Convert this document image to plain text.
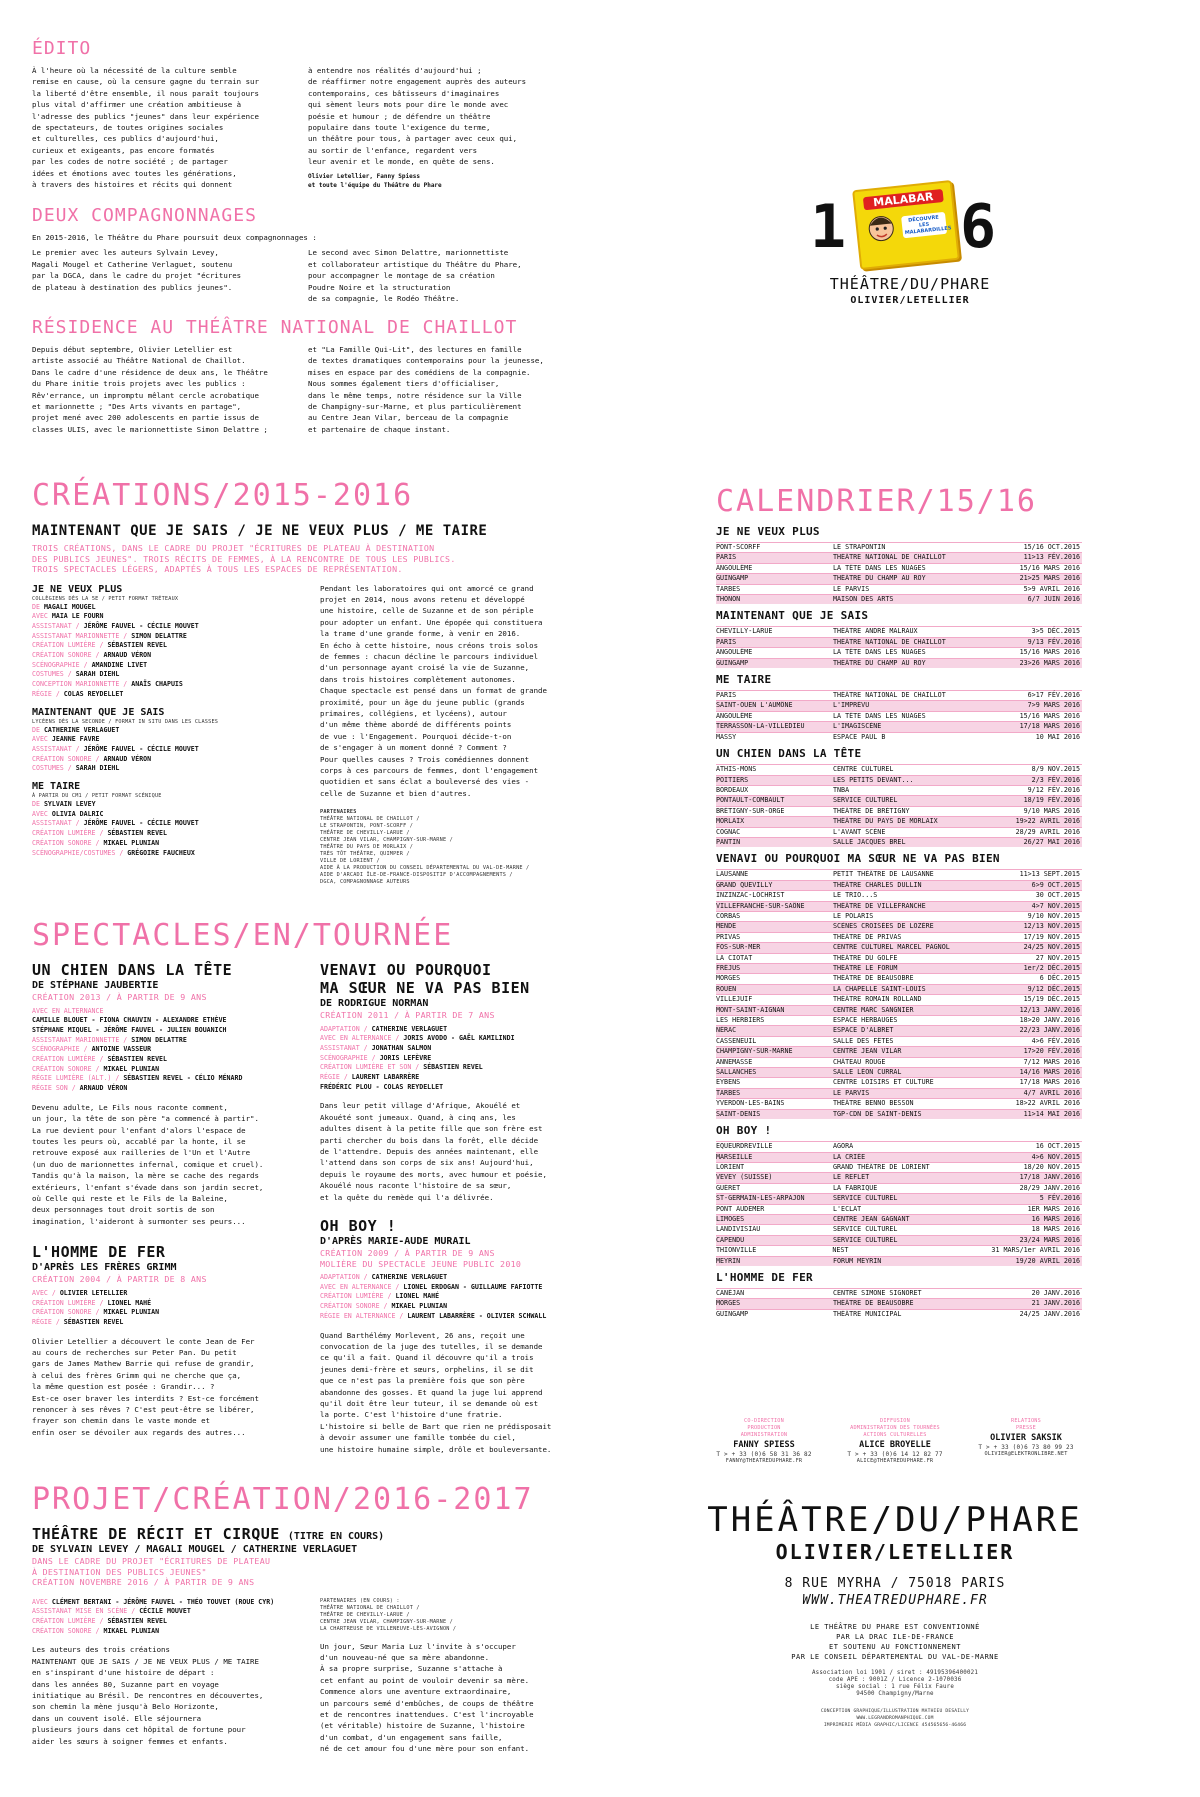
ÉDITO

À l'heure où la nécessité de la culture semble
remise en cause, où la censure gagne du terrain sur
la liberté d'être ensemble, il nous paraît toujours
plus vital d'affirmer une création ambitieuse à
l'adresse des publics "jeunes" dans leur expérience
de spectateurs, de toutes origines sociales
et culturelles, ces publics d'aujourd'hui,
curieux et exigeants, pas encore formatés
par les codes de notre société ; de partager
idées et émotions avec toutes les générations,
à travers des histoires et récits qui donnent

à entendre nos réalités d'aujourd'hui ;
de réaffirmer notre engagement auprès des auteurs
contemporains, ces bâtisseurs d'imaginaires
qui sèment leurs mots pour dire le monde avec
poésie et humour ; de défendre un théâtre
populaire dans toute l'exigence du terme,
un théâtre pour tous, à partager avec ceux qui,
au sortir de l'enfance, regardent vers
leur avenir et le monde, en quête de sens.

Olivier Letellier, Fanny Spiess
et toute l'équipe du Théâtre du Phare

DEUX COMPAGNONNAGES

En 2015-2016, le Théâtre du Phare poursuit deux compagnonnages :

Le premier avec les auteurs Sylvain Levey,
Magali Mougel et Catherine Verlaguet, soutenu
par la DGCA, dans le cadre du projet "écritures
de plateau à destination des publics jeunes".

Le second avec Simon Delattre, marionnettiste
et collaborateur artistique du Théâtre du Phare,
pour accompagner le montage de sa création
Poudre Noire et la structuration
de sa compagnie, le Rodéo Théâtre.

RÉSIDENCE AU THÉÂTRE NATIONAL DE CHAILLOT

Depuis début septembre, Olivier Letellier est
artiste associé au Théâtre National de Chaillot.
Dans le cadre d'une résidence de deux ans, le Théâtre
du Phare initie trois projets avec les publics :
Rêv'errance, un impromptu mêlant cercle acrobatique
et marionnette ; "Des Arts vivants en partage",
projet mené avec 200 adolescents en partie issus de
classes ULIS, avec le marionnettiste Simon Delattre ;

et "La Famille Qui-Lit", des lectures en famille
de textes dramatiques contemporains pour la jeunesse,
mises en espace par des comédiens de la compagnie.
Nous sommes également tiers d'officialiser,
dans le même temps, notre résidence sur la Ville
de Champigny-sur-Marne, et plus particulièrement
au Centre Jean Vilar, berceau de la compagnie
et partenaire de chaque instant.

1	MALABAR
DÉCOUVRE LES MALABARDILLES 6
THÉÂTRE/DU/PHARE
OLIVIER/LETELLIER
CRÉATIONS/2015-2016
MAINTENANT QUE JE SAIS / JE NE VEUX PLUS / ME TAIRE

TROIS CRÉATIONS, DANS LE CADRE DU PROJET "ÉCRITURES DE PLATEAU À DESTINATION
DES PUBLICS JEUNES". TROIS RÉCITS DE FEMMES, À LA RENCONTRE DE TOUS LES PUBLICS.
TROIS SPECTACLES LÉGERS, ADAPTÉS À TOUS LES ESPACES DE REPRÉSENTATION.

JE NE VEUX PLUS

COLLÈGIENS DÈS LA 5E / PETIT FORMAT TRÉTEAUX

DE MAGALI MOUGEL

AVEC MAIA LE FOURN

ASSISTANAT / JÉRÔME FAUVEL - CÉCILE MOUVET

ASSISTANAT MARIONNETTE / SIMON DELATTRE

CRÉATION LUMIÈRE / SÉBASTIEN REVEL

CRÉATION SONORE / ARNAUD VÉRON

SCÉNOGRAPHIE / AMANDINE LIVET

COSTUMES / SARAH DIEHL

CONCEPTION MARIONNETTE / ANAÏS CHAPUIS

RÉGIE / COLAS REYDELLET

MAINTENANT QUE JE SAIS

LYCÉENS DÈS LA SECONDE / FORMAT IN SITU DANS LES CLASSES

DE CATHERINE VERLAGUET

AVEC JEANNE FAVRE

ASSISTANAT / JÉRÔME FAUVEL - CÉCILE MOUVET

CRÉATION SONORE / ARNAUD VÉRON

COSTUMES / SARAH DIEHL

ME TAIRE

À PARTIR DU CM1 / PETIT FORMAT SCÉNIQUE

DE SYLVAIN LEVEY

AVEC OLIVIA DALRIC

ASSISTANAT / JÉRÔME FAUVEL - CÉCILE MOUVET

CRÉATION LUMIÈRE / SÉBASTIEN REVEL

CRÉATION SONORE / MIKAEL PLUNIAN

SCÉNOGRAPHIE/COSTUMES / GRÉGOIRE FAUCHEUX

Pendant les laboratoires qui ont amorcé ce grand
projet en 2014, nous avons retenu et développé
une histoire, celle de Suzanne et de son périple
pour adopter un enfant. Une épopée qui constituera
la trame d'une grande forme, à venir en 2016.
En écho à cette histoire, nous créons trois solos
de femmes : chacun décline le parcours individuel
d'un personnage ayant croisé la vie de Suzanne,
dans trois histoires complètement autonomes.
Chaque spectacle est pensé dans un format de grande
proximité, pour un âge du jeune public (grands
primaires, collégiens, et lycéens), autour
d'un même thème abordé de différents points
de vue : l'Engagement. Pourquoi décide-t-on
de s'engager à un moment donné ? Comment ?
Pour quelles causes ? Trois comédiennes donnent
corps à ces parcours de femmes, dont l'engagement
quotidien et sans éclat a bouleversé des vies -
celle de Suzanne et bien d'autres.

PARTENAIRES

THÉÂTRE NATIONAL DE CHAILLOT /
LE STRAPONTIN, PONT-SCORFF /
THÉÂTRE DE CHEVILLY-LARUE /
CENTRE JEAN VILAR, CHAMPIGNY-SUR-MARNE /
THÉÂTRE DU PAYS DE MORLAIX /
TRÈS TÔT THÉÂTRE, QUIMPER /
VILLE DE LORIENT /
AIDE À LA PRODUCTION DU CONSEIL DÉPARTEMENTAL DU VAL-DE-MARNE /
AIDE D'ARCADI ÎLE-DE-FRANCE-DISPOSITIF D'ACCOMPAGNEMENTS /
DGCA, COMPAGNONNAGE AUTEURS

SPECTACLES/EN/TOURNÉE

UN CHIEN DANS LA TÊTE

DE STÉPHANE JAUBERTIE

CRÉATION 2013 / À PARTIR DE 9 ANS

AVEC EN ALTERNANCE

CAMILLE BLOUET - FIONA CHAUVIN - ALEXANDRE ETHÈVE
STÉPHANE MIQUEL - JÉRÔME FAUVEL - JULIEN BOUANICH

ASSISTANAT MARIONNETTE / SIMON DELATTRE

SCÉNOGRAPHIE / ANTOINE VASSEUR

CRÉATION LUMIÈRE / SÉBASTIEN REVEL

CRÉATION SONORE / MIKAEL PLUNIAN

RÉGIE LUMIÈRE (ALT.) / SÉBASTIEN REVEL - CÉLIO MÉNARD

RÉGIE SON / ARNAUD VÉRON

Devenu adulte, Le Fils nous raconte comment,
un jour, la tête de son père "a commencé à partir".
La rue devient pour l'enfant d'alors l'espace de
toutes les peurs où, accablé par la honte, il se
retrouve exposé aux railleries de l'Un et l'Autre
(un duo de marionnettes infernal, comique et cruel).
Tandis qu'à la maison, la mère se cache des regards
extérieurs, l'enfant s'évade dans son jardin secret,
où Celle qui reste et le Fils de la Baleine,
deux personnages tout droit sortis de son
imagination, l'aideront à surmonter ses peurs...

L'HOMME DE FER

D'APRÈS LES FRÈRES GRIMM

CRÉATION 2004 / À PARTIR DE 8 ANS

AVEC / OLIVIER LETELLIER

CRÉATION LUMIÈRE / LIONEL MAHÉ

CRÉATION SONORE / MIKAEL PLUNIAN

RÉGIE / SÉBASTIEN REVEL

Olivier Letellier a découvert le conte Jean de Fer
au cours de recherches sur Peter Pan. Du petit
gars de James Mathew Barrie qui refuse de grandir,
à celui des frères Grimm qui ne cherche que ça,
la même question est posée : Grandir... ?
Est-ce oser braver les interdits ? Est-ce forcément
renoncer à ses rêves ? C'est peut-être se libérer,
frayer son chemin dans le vaste monde et
enfin oser se dévoiler aux regards des autres...

VENAVI OU POURQUOI

MA SŒUR NE VA PAS BIEN

DE RODRIGUE NORMAN

CRÉATION 2011 / À PARTIR DE 7 ANS

ADAPTATION / CATHERINE VERLAGUET

AVEC EN ALTERNANCE / JORIS AVODO - GAËL KAMILINDI

ASSISTANAT / JONATHAN SALMON

SCÉNOGRAPHIE / JORIS LEFÈVRE

CRÉATION LUMIÈRE ET SON / SÉBASTIEN REVEL

RÉGIE / LAURENT LABARRÈRE

FRÉDÉRIC PLOU - COLAS REYDELLET

Dans leur petit village d'Afrique, Akouélé et
Akouété sont jumeaux. Quand, à cinq ans, les
adultes disent à la petite fille que son frère est
parti chercher du bois dans la forêt, elle décide
de l'attendre. Depuis des années maintenant, elle
l'attend dans son corps de six ans! Aujourd'hui,
depuis le royaume des morts, avec humour et poésie,
Akouélé nous raconte l'histoire de sa sœur,
et la quête du remède qui l'a délivrée.

OH BOY !

D'APRÈS MARIE-AUDE MURAIL

CRÉATION 2009 / À PARTIR DE 9 ANS

MOLIÈRE DU SPECTACLE JEUNE PUBLIC 2010

ADAPTATION / CATHERINE VERLAGUET

AVEC EN ALTERNANCE / LIONEL ERDOGAN - GUILLAUME FAFIOTTE

CRÉATION LUMIÈRE / LIONEL MAHÉ

CRÉATION SONORE / MIKAEL PLUNIAN

RÉGIE EN ALTERNANCE / LAURENT LABARRÈRE - OLIVIER SCHWALL

Quand Barthélémy Morlevent, 26 ans, reçoit une
convocation de la juge des tutelles, il se demande
ce qu'il a fait. Quand il découvre qu'il a trois
jeunes demi-frère et sœurs, orphelins, il se dit
que ce n'est pas la première fois que son père
abandonne des gosses. Et quand la juge lui apprend
qu'il doit être leur tuteur, il se demande où est
la porte. C'est l'histoire d'une fratrie.
L'histoire si belle de Bart que rien ne prédisposait
à devoir assumer une famille tombée du ciel,
une histoire humaine simple, drôle et bouleversante.

PROJET/CRÉATION/2016-2017
THÉÂTRE DE RÉCIT ET CIRQUE (TITRE EN COURS)

DE SYLVAIN LEVEY / MAGALI MOUGEL / CATHERINE VERLAGUET

DANS LE CADRE DU PROJET "ÉCRITURES DE PLATEAU

À DESTINATION DES PUBLICS JEUNES"

CRÉATION NOVEMBRE 2016 / À PARTIR DE 9 ANS

AVEC CLÉMENT BERTANI - JÉRÔME FAUVEL - THÉO TOUVET (ROUE CYR)

ASSISTANAT MISE EN SCÈNE / CÉCILE MOUVET

CRÉATION LUMIÈRE / SÉBASTIEN REVEL

CRÉATION SONORE / MIKAEL PLUNIAN

Les auteurs des trois créations
MAINTENANT QUE JE SAIS / JE NE VEUX PLUS / ME TAIRE
en s'inspirant d'une histoire de départ :
dans les années 80, Suzanne part en voyage
initiatique au Brésil. De rencontres en découvertes,
son chemin la mène jusqu'à Belo Horizonte,
dans un couvent isolé. Elle séjournera
plusieurs jours dans cet hôpital de fortune pour
aider les sœurs à soigner femmes et enfants.

PARTENAIRES (EN COURS) :
THÉÂTRE NATIONAL DE CHAILLOT /
THÉÂTRE DE CHEVILLY-LARUE /
CENTRE JEAN VILAR, CHAMPIGNY-SUR-MARNE /
LA CHARTREUSE DE VILLENEUVE-LÈS-AVIGNON /

Un jour, Sœur Maria Luz l'invite à s'occuper
d'un nouveau-né que sa mère abandonne.
À sa propre surprise, Suzanne s'attache à
cet enfant au point de vouloir devenir sa mère.
Commence alors une aventure extraordinaire,
un parcours semé d'embûches, de coups de théâtre
et de rencontres inattendues. C'est l'incroyable
(et véritable) histoire de Suzanne, l'histoire
d'un combat, d'un engagement sans faille,
né de cet amour fou d'une mère pour son enfant.

CALENDRIER/15/16
JE NE VEUX PLUS
PONT-SCORFF	LE STRAPONTIN	15/16 OCT.2015
PARIS	THÉÂTRE NATIONAL DE CHAILLOT	11>13 FÉV.2016
ANGOULÊME	LA TÊTE DANS LES NUAGES	15/16 MARS 2016
GUINGAMP	THÉÂTRE DU CHAMP AU ROY	21>25 MARS 2016
TARBES	LE PARVIS	5>9 AVRIL 2016
THONON	MAISON DES ARTS	6/7 JUIN 2016
MAINTENANT QUE JE SAIS
CHEVILLY-LARUE	THÉÂTRE ANDRÉ MALRAUX	3>5 DÉC.2015
PARIS	THÉÂTRE NATIONAL DE CHAILLOT	9/13 FÉV.2016
ANGOULÊME	LA TÊTE DANS LES NUAGES	15/16 MARS 2016
GUINGAMP	THÉÂTRE DU CHAMP AU ROY	23>26 MARS 2016
ME TAIRE
PARIS	THÉÂTRE NATIONAL DE CHAILLOT	6>17 FÉV.2016
SAINT-OUEN L'AUMÔNE	L'IMPRÉVU	7>9 MARS 2016
ANGOULÊME	LA TÊTE DANS LES NUAGES	15/16 MARS 2016
TERRASSON-LA-VILLEDIEU	L'IMAGISCÈNE	17/18 MARS 2016
MASSY	ESPACE PAUL B	10 MAI 2016
UN CHIEN DANS LA TÊTE
ATHIS-MONS	CENTRE CULTUREL	8/9 NOV.2015
POITIERS	LES PETITS DEVANT...	2/3 FÉV.2016
BORDEAUX	TNBA	9/12 FÉV.2016
PONTAULT-COMBAULT	SERVICE CULTUREL	18/19 FÉV.2016
BRÉTIGNY-SUR-ORGE	THÉÂTRE DE BRÉTIGNY	9/10 MARS 2016
MORLAIX	THÉÂTRE DU PAYS DE MORLAIX	19>22 AVRIL 2016
COGNAC	L'AVANT SCÈNE	28/29 AVRIL 2016
PANTIN	SALLE JACQUES BREL	26/27 MAI 2016
VENAVI OU POURQUOI MA SŒUR NE VA PAS BIEN
LAUSANNE	PETIT THÉÂTRE DE LAUSANNE	11>13 SEPT.2015
GRAND QUEVILLY	THÉÂTRE CHARLES DULLIN	6>9 OCT.2015
INZINZAC-LOCHRIST	LE TRIO...S	30 OCT.2015
VILLEFRANCHE-SUR-SAÔNE	THÉÂTRE DE VILLEFRANCHE	4>7 NOV.2015
CORBAS	LE POLARIS	9/10 NOV.2015
MENDE	SCÈNES CROISÉES DE LOZÈRE	12/13 NOV.2015
PRIVAS	THÉÂTRE DE PRIVAS	17/19 NOV.2015
FOS-SUR-MER	CENTRE CULTUREL MARCEL PAGNOL	24/25 NOV.2015
LA CIOTAT	THÉÂTRE DU GOLFE	27 NOV.2015
FRÉJUS	THÉÂTRE LE FORUM	1er/2 DÉC.2015
MORGES	THÉÂTRE DE BEAUSOBRE	6 DÉC.2015
ROUEN	LA CHAPELLE SAINT-LOUIS	9/12 DÉC.2015
VILLEJUIF	THÉÂTRE ROMAIN ROLLAND	15/19 DÉC.2015
MONT-SAINT-AIGNAN	CENTRE MARC SANGNIER	12/13 JANV.2016
LES HERBIERS	ESPACE HERBAUGES	18>20 JANV.2016
NÉRAC	ESPACE D'ALBRET	22/23 JANV.2016
CASSENEUIL	SALLE DES FÊTES	4>6 FÉV.2016
CHAMPIGNY-SUR-MARNE	CENTRE JEAN VILAR	17>20 FÉV.2016
ANNEMASSE	CHÂTEAU ROUGE	7/12 MARS 2016
SALLANCHES	SALLE LÉON CURRAL	14/16 MARS 2016
EYBENS	CENTRE LOISIRS ET CULTURE	17/18 MARS 2016
TARBES	LE PARVIS	4/7 AVRIL 2016
YVERDON-LES-BAINS	THÉÂTRE BENNO BESSON	18>22 AVRIL 2016
SAINT-DENIS	TGP-CDN DE SAINT-DENIS	11>14 MAI 2016
OH BOY !
EQUEURDREVILLE	AGORA	16 OCT.2015
MARSEILLE	LA CRIÉE	4>6 NOV.2015
LORIENT	GRAND THÉÂTRE DE LORIENT	18/20 NOV.2015
VEVEY (SUISSE)	LE REFLET	17/18 JANV.2016
GUÉRET	LA FABRIQUE	28/29 JANV.2016
ST-GERMAIN-LES-ARPAJON	SERVICE CULTUREL	5 FÉV.2016
PONT AUDEMER	L'ECLAT	1ER MARS 2016
LIMOGES	CENTRE JEAN GAGNANT	16 MARS 2016
LANDIVISIAU	SERVICE CULTUREL	18 MARS 2016
CAPENDU	SERVICE CULTUREL	23/24 MARS 2016
THIONVILLE	NEST	31 MARS/1er AVRIL 2016
MEYRIN	FORUM MEYRIN	19/20 AVRIL 2016
L'HOMME DE FER
CANÉJAN	CENTRE SIMONE SIGNORET	20 JANV.2016
MORGES	THÉÂTRE DE BEAUSOBRE	21 JANV.2016
GUINGAMP	THÉÂTRE MUNICIPAL	24/25 JANV.2016

CO-DIRECTION
PRODUCTION
ADMINISTRATION

FANNY SPIESS

T > + 33 (0)6 58 31 36 82

FANNY@THEATREDUPHARE.FR

DIFFUSION
ADMINISTRATION DES TOURNÉES
ACTIONS CULTURELLES

ALICE BROYELLE

T > + 33 (0)6 14 12 82 77

ALICE@THEATREDUPHARE.FR

RELATIONS
PRESSE

OLIVIER SAKSIK

T > + 33 (0)6 73 80 99 23

OLIVIER@ELEKTRONLIBRE.NET

THÉÂTRE/DU/PHARE
OLIVIER/LETELLIER
8 RUE MYRHA / 75018 PARIS
WWW.THEATREDUPHARE.FR

LE THÉÂTRE DU PHARE EST CONVENTIONNÉ
PAR LA DRAC ILE-DE-FRANCE
ET SOUTENU AU FONCTIONNEMENT
PAR LE CONSEIL DÉPARTEMENTAL DU VAL-DE-MARNE

Association loi 1901 / siret : 49195396400021
code APE : 9001Z / Licence 2-1070036
siège social : 1 rue Félix Faure
94500 Champigny/Marne

CONCEPTION GRAPHIQUE/ILLUSTRATION MATHIEU DESAILLY
WWW.LEGRANDROMANPHIQUE.COM
IMPRIMERIE MÉDIA GRAPHIC/LICENCE 454565656-46466
